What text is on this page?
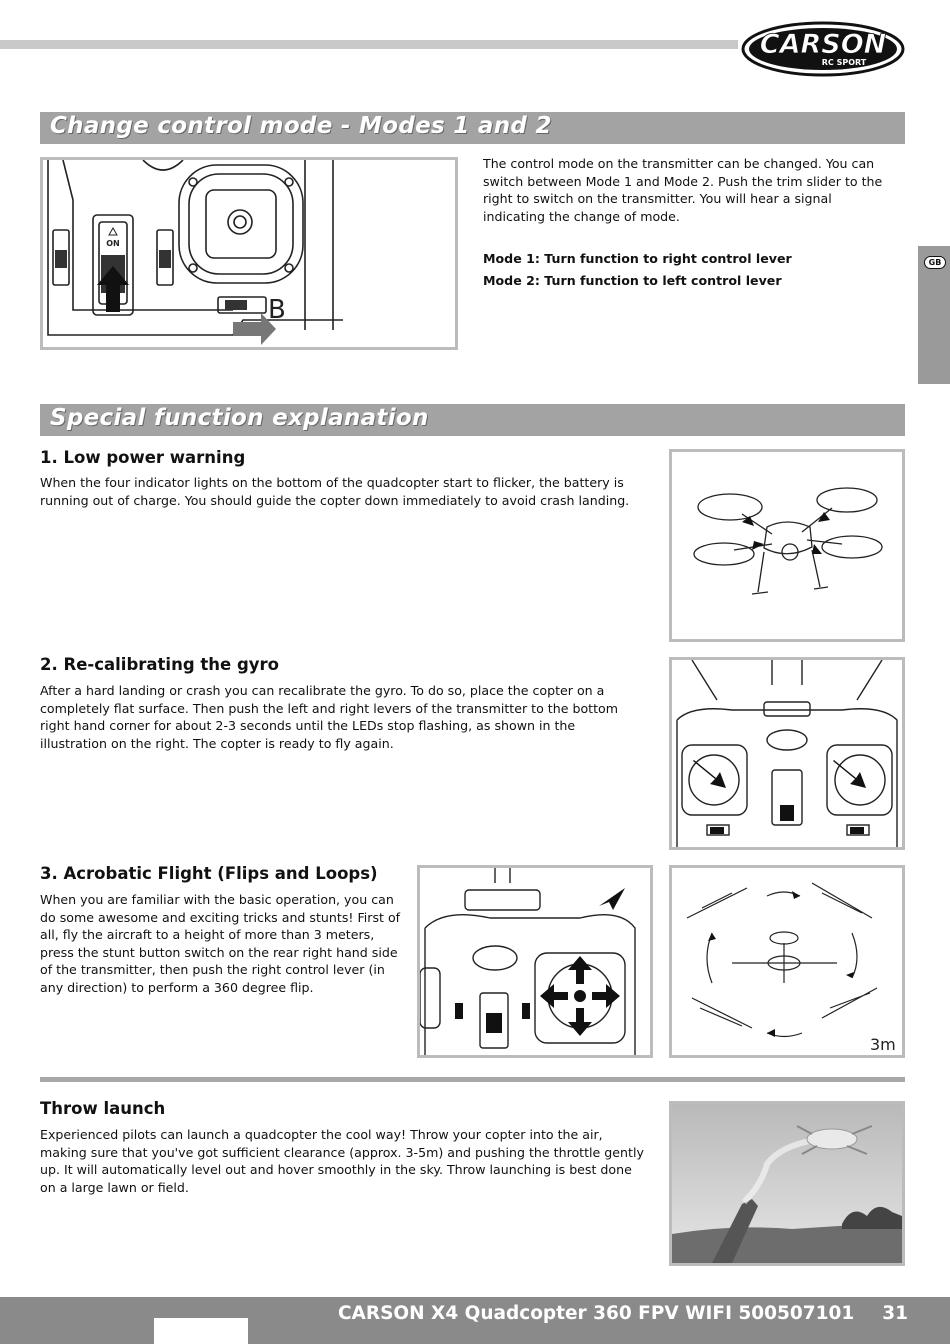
CARSON
RC SPORT
GB
Change control mode - Modes 1 and 2
ON
B
The control mode on the transmitter can be changed. You can switch between Mode 1 and Mode 2. Push the trim slider to the right to switch on the transmitter. You will hear a signal indicating the change of mode.
Mode 1: Turn function to right control lever
Mode 2: Turn function to left control lever
Special function explanation
1. Low power warning
When the four indicator lights on the bottom of the quadcopter start to flicker, the battery is running out of charge. You should guide the copter down immediately to avoid crash landing.
2. Re-calibrating the gyro
After a hard landing or crash you can recalibrate the gyro. To do so, place the copter on a completely flat surface. Then push the left and right levers of the transmitter to the bottom right hand corner for about 2-3 seconds until the LEDs stop flashing, as shown in the illustration on the right. The copter is ready to fly again.
3. Acrobatic Flight (Flips and Loops)
When you are familiar with the basic operation, you can do some awesome and exciting tricks and stunts! First of all, fly the aircraft to a height of more than 3 meters, press the stunt button switch on the rear right hand side of the transmitter, then push the right control lever (in any direction) to perform a 360 degree flip.
3m
Throw launch
Experienced pilots can launch a quadcopter the cool way! Throw your copter into the air, making sure that you've got sufficient clearance (approx. 3-5m) and pushing the throttle gently up. It will automatically level out and hover smoothly in the sky. Throw launching is best done on a large lawn or field.
CARSON X4 Quadcopter 360 FPV WIFI 500507101 31
